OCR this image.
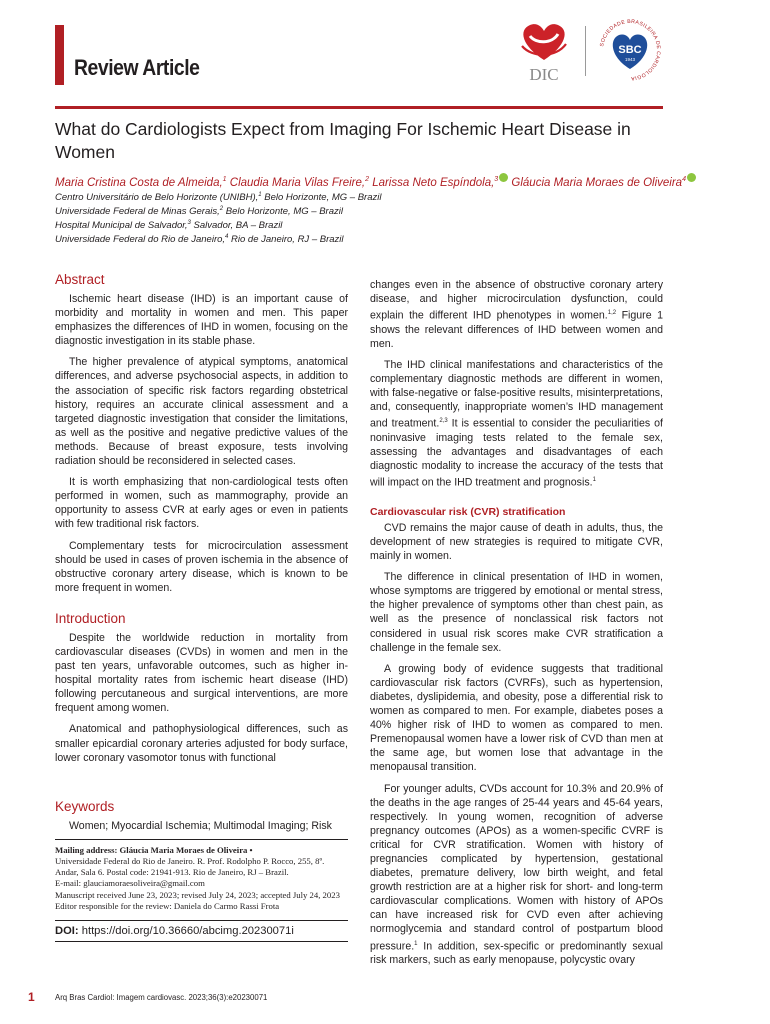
Review Article	DIC
SOCIEDADE BRASILEIRA DE CARDIOLOGIA
SBC
1943
What do Cardiologists Expect from Imaging For Ischemic Heart Disease in Women
Maria Cristina Costa de Almeida,$^1$ Claudia Maria Vilas Freire,$^2$ Larissa Neto Espíndola,$^3$ Gláucia Maria Moraes de Oliveira$^4$
Centro Universitário de Belo Horizonte (UNIBH),$^1$ Belo Horizonte, MG – Brazil
Universidade Federal de Minas Gerais,$^2$ Belo Horizonte, MG – Brazil
Hospital Municipal de Salvador,$^3$ Salvador, BA – Brazil
Universidade Federal do Rio de Janeiro,$^4$ Rio de Janeiro, RJ – Brazil
Abstract

Ischemic heart disease (IHD) is an important cause of morbidity and mortality in women and men. This paper emphasizes the differences of IHD in women, focusing on the diagnostic investigation in its stable phase.

The higher prevalence of atypical symptoms, anatomical differences, and adverse psychosocial aspects, in addition to the association of specific risk factors regarding obstetrical history, requires an accurate clinical assessment and a targeted diagnostic investigation that consider the limitations, as well as the positive and negative predictive values of the methods. Because of breast exposure, tests involving radiation should be reconsidered in selected cases.

It is worth emphasizing that non-cardiological tests often performed in women, such as mammography, provide an opportunity to assess CVR at early ages or even in patients with few traditional risk factors.

Complementary tests for microcirculation assessment should be used in cases of proven ischemia in the absence of obstructive coronary artery disease, which is known to be more frequent in women.

Introduction

Despite the worldwide reduction in mortality from cardiovascular diseases (CVDs) in women and men in the past ten years, unfavorable outcomes, such as higher in-hospital mortality rates from ischemic heart disease (IHD) following percutaneous and surgical interventions, are more frequent among women.

Anatomical and pathophysiological differences, such as smaller epicardial coronary arteries adjusted for body surface, lower coronary vasomotor tonus with functional

Keywords

Women; Myocardial Ischemia; Multimodal Imaging; Risk

Mailing address: Gláucia Maria Moraes de Oliveira •
Universidade Federal do Rio de Janeiro. R. Prof. Rodolpho P. Rocco, 255, 8º. Andar, Sala 6. Postal code: 21941-913. Rio de Janeiro, RJ – Brazil.
E-mail: glauciamoraesoliveira@gmail.com
Manuscript received June 23, 2023; revised July 24, 2023; accepted July 24, 2023
Editor responsible for the review: Daniela do Carmo Rassi Frota
DOI: https://doi.org/10.36660/abcimg.20230071i

changes even in the absence of obstructive coronary artery disease, and higher microcirculation dysfunction, could explain the different IHD phenotypes in women.$^{1,2}$ Figure 1 shows the relevant differences of IHD between women and men.

The IHD clinical manifestations and characteristics of the complementary diagnostic methods are different in women, with false-negative or false-positive results, misinterpretations, and, consequently, inappropriate women’s IHD management and treatment.$^{2,3}$ It is essential to consider the peculiarities of noninvasive imaging tests related to the female sex, assessing the advantages and disadvantages of each diagnostic modality to increase the accuracy of the tests that will impact on the IHD treatment and prognosis.$^1$

Cardiovascular risk (CVR) stratification

CVD remains the major cause of death in adults, thus, the development of new strategies is required to mitigate CVR, mainly in women.

The difference in clinical presentation of IHD in women, whose symptoms are triggered by emotional or mental stress, the higher prevalence of symptoms other than chest pain, as well as the presence of nonclassical risk factors not considered in usual risk scores make CVR stratification a challenge in the female sex.

A growing body of evidence suggests that traditional cardiovascular risk factors (CVRFs), such as hypertension, diabetes, dyslipidemia, and obesity, pose a differential risk to women as compared to men. For example, diabetes poses a 40% higher risk of IHD to women as compared to men. Premenopausal women have a lower risk of CVD than men at the same age, but women lose that advantage in the menopausal transition.

For younger adults, CVDs account for 10.3% and 20.9% of the deaths in the age ranges of 25-44 years and 45-64 years, respectively. In young women, recognition of adverse pregnancy outcomes (APOs) as a women-specific CVRF is critical for CVR stratification. Women with history of pregnancies complicated by hypertension, gestational diabetes, premature delivery, low birth weight, and fetal growth restriction are at a higher risk for short- and long-term cardiovascular complications. Women with history of APOs can have increased risk for CVD even after achieving normoglycemia and standard control of postpartum blood pressure.$^1$ In addition, sex-specific or predominantly sexual risk markers, such as early menopause, polycystic ovary

1	Arq Bras Cardiol: Imagem cardiovasc. 2023;36(3):e20230071
